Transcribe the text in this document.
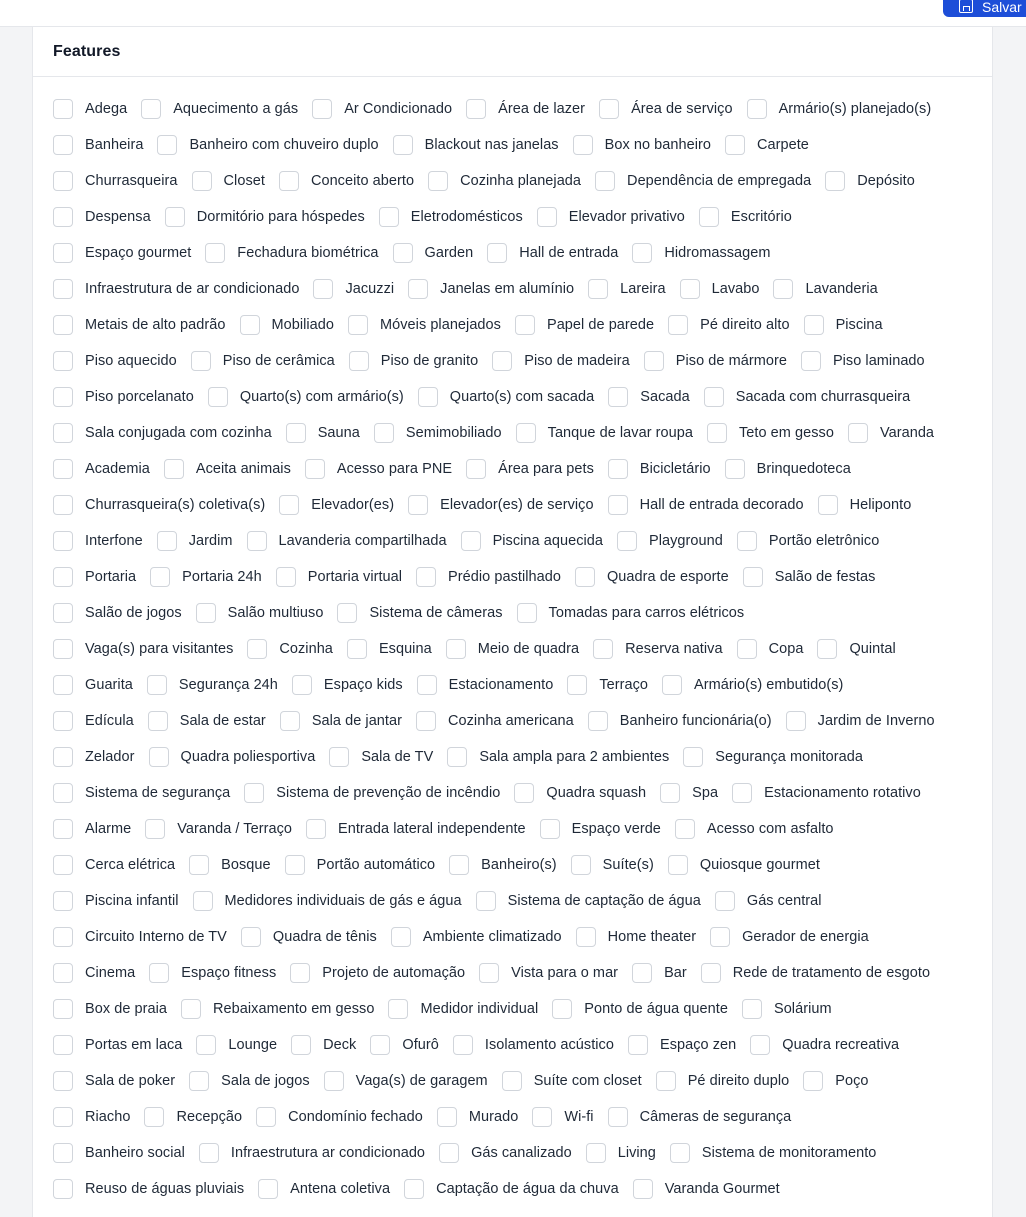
Salvar
Features
Adega	Aquecimento a gás	Ar Condicionado	Área de lazer	Área de serviço	Armário(s) planejado(s)
Banheira	Banheiro com chuveiro duplo	Blackout nas janelas	Box no banheiro	Carpete
Churrasqueira	Closet	Conceito aberto	Cozinha planejada	Dependência de empregada	Depósito
Despensa	Dormitório para hóspedes	Eletrodomésticos	Elevador privativo	Escritório
Espaço gourmet	Fechadura biométrica	Garden	Hall de entrada	Hidromassagem
Infraestrutura de ar condicionado	Jacuzzi	Janelas em alumínio	Lareira	Lavabo	Lavanderia
Metais de alto padrão	Mobiliado	Móveis planejados	Papel de parede	Pé direito alto	Piscina
Piso aquecido	Piso de cerâmica	Piso de granito	Piso de madeira	Piso de mármore	Piso laminado
Piso porcelanato	Quarto(s) com armário(s)	Quarto(s) com sacada	Sacada	Sacada com churrasqueira
Sala conjugada com cozinha	Sauna	Semimobiliado	Tanque de lavar roupa	Teto em gesso	Varanda
Academia	Aceita animais	Acesso para PNE	Área para pets	Bicicletário	Brinquedoteca
Churrasqueira(s) coletiva(s)	Elevador(es)	Elevador(es) de serviço	Hall de entrada decorado	Heliponto
Interfone	Jardim	Lavanderia compartilhada	Piscina aquecida	Playground	Portão eletrônico
Portaria	Portaria 24h	Portaria virtual	Prédio pastilhado	Quadra de esporte	Salão de festas
Salão de jogos	Salão multiuso	Sistema de câmeras	Tomadas para carros elétricos
Vaga(s) para visitantes	Cozinha	Esquina	Meio de quadra	Reserva nativa	Copa	Quintal
Guarita	Segurança 24h	Espaço kids	Estacionamento	Terraço	Armário(s) embutido(s)
Edícula	Sala de estar	Sala de jantar	Cozinha americana	Banheiro funcionária(o)	Jardim de Inverno
Zelador	Quadra poliesportiva	Sala de TV	Sala ampla para 2 ambientes	Segurança monitorada
Sistema de segurança	Sistema de prevenção de incêndio	Quadra squash	Spa	Estacionamento rotativo
Alarme	Varanda / Terraço	Entrada lateral independente	Espaço verde	Acesso com asfalto
Cerca elétrica	Bosque	Portão automático	Banheiro(s)	Suíte(s)	Quiosque gourmet
Piscina infantil	Medidores individuais de gás e água	Sistema de captação de água	Gás central
Circuito Interno de TV	Quadra de tênis	Ambiente climatizado	Home theater	Gerador de energia
Cinema	Espaço fitness	Projeto de automação	Vista para o mar	Bar	Rede de tratamento de esgoto
Box de praia	Rebaixamento em gesso	Medidor individual	Ponto de água quente	Solárium
Portas em laca	Lounge	Deck	Ofurô	Isolamento acústico	Espaço zen	Quadra recreativa
Sala de poker	Sala de jogos	Vaga(s) de garagem	Suíte com closet	Pé direito duplo	Poço
Riacho	Recepção	Condomínio fechado	Murado	Wi-fi	Câmeras de segurança
Banheiro social	Infraestrutura ar condicionado	Gás canalizado	Living	Sistema de monitoramento
Reuso de águas pluviais	Antena coletiva	Captação de água da chuva	Varanda Gourmet
